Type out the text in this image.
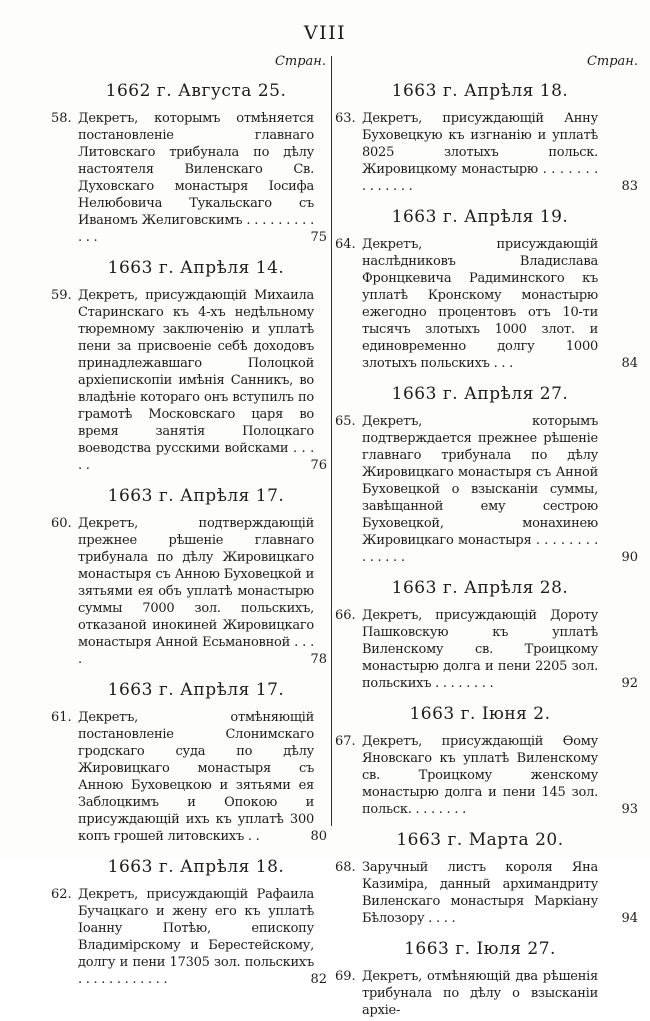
VIII
Стран.
1662 г. Августа 25.
58. Декретъ, которымъ отмѣняется постановленіе главнаго Литовскаго трибунала по дѣлу настоятеля Виленскаго Св. Духовскаго монастыря Іосифа Нелюбовича Тукальскаго съ Иваномъ Желиговскимъ . . . . . . . . . . . .	75
1663 г. Апрѣля 14.
59. Декретъ, присуждающій Михаила Старинскаго къ 4-хъ недѣльному тюремному заключенію и уплатѣ пени за присвоеніе себѣ доходовъ принадлежавшаго Полоцкой архіепископіи имѣнія Санникъ, во владѣніе котораго онъ вступилъ по грамотѣ Московскаго царя во время занятія Полоцкаго воеводства русскими войсками . . . . .	76
1663 г. Апрѣля 17.
60. Декретъ, подтверждающій прежнее рѣшеніе главнаго трибунала по дѣлу Жировицкаго монастыря съ Анною Буховецкой и зятьями ея объ уплатѣ монастырю суммы 7000 зол. польскихъ, отказаной инокиней Жировицкаго монастыря Анной Есьмановной . . . .	78
1663 г. Апрѣля 17.
61. Декретъ, отмѣняющій постановленіе Слонимскаго гродскаго суда по дѣлу Жировицкаго монастыря съ Анною Буховецкою и зятьями ея Заблоцкимъ и Опокою и присуждающій ихъ къ уплатѣ 300 копъ грошей литовскихъ . .	80
1663 г. Апрѣля 18.
62. Декретъ, присуждающій Рафаила Бучацкаго и жену его къ уплатѣ Іоанну Потѣю, епископу Владимірскому и Берестейскому, долгу и пени 17305 зол. польскихъ . . . . . . . . . . . .	82
Стран.
1663 г. Апрѣля 18.
63. Декретъ, присуждающій Анну Буховецкую къ изгнанію и уплатѣ 8025 злотыхъ польск. Жировицкому монастырю . . . . . . . . . . . . . .	83
1663 г. Апрѣля 19.
64. Декретъ, присуждающій наслѣдниковъ Владислава Фронцкевича Радиминского къ уплатѣ Кронскому монастырю ежегодно процентовъ отъ 10-ти тысячъ злотыхъ 1000 злот. и единовременно долгу 1000 злотыхъ польскихъ . . .	84
1663 г. Апрѣля 27.
65. Декретъ, которымъ подтверждается прежнее рѣшеніе главнаго трибунала по дѣлу Жировицкаго монастыря съ Анной Буховецкой о взысканіи суммы, завѣщанной ему сестрою Буховецкой, монахинею Жировицкаго монастыря . . . . . . . . . . . . . .	90
1663 г. Апрѣля 28.
66. Декретъ, присуждающій Дороту Пашковскую къ уплатѣ Виленскому св. Троицкому монастырю долга и пени 2205 зол. польскихъ . . . . . . . .	92
1663 г. Іюня 2.
67. Декретъ, присуждающій Ѳому Яновскаго къ уплатѣ Виленскому св. Троицкому женскому монастырю долга и пени 145 зол. польск. . . . . . . .	93
1663 г. Марта 20.
68. Заручный листъ короля Яна Казиміра, данный архимандриту Виленскаго монастыря Маркіану Бѣлозору . . . .	94
1663 г. Іюля 27.
69. Декретъ, отмѣняющій два рѣшенія трибунала по дѣлу о взысканіи архіе-
